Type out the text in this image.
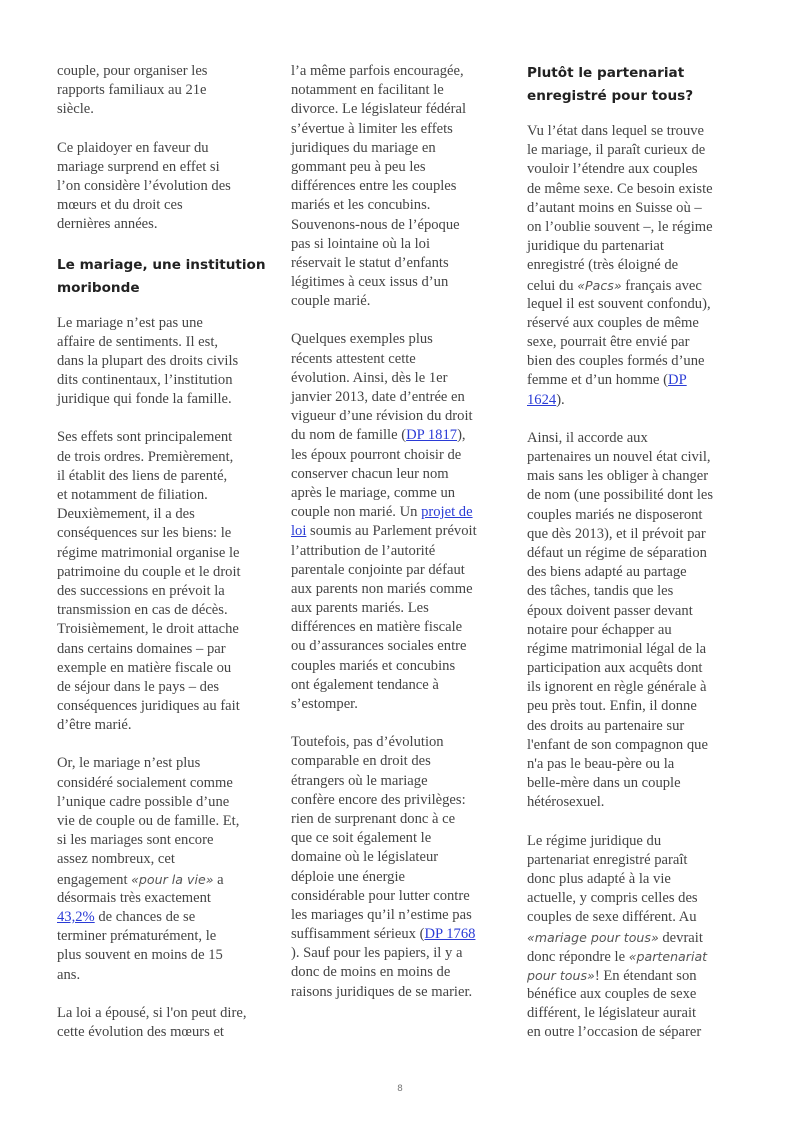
couple, pour organiser les
rapports familiaux au 21e
siècle.
Ce plaidoyer en faveur du
mariage surprend en effet si
l’on considère l’évolution des
mœurs et du droit ces
dernières années.
Le mariage, une institution
moribonde
Le mariage n’est pas une
affaire de sentiments. Il est,
dans la plupart des droits civils
dits continentaux, l’institution
juridique qui fonde la famille.
Ses effets sont principalement
de trois ordres. Premièrement,
il établit des liens de parenté,
et notamment de filiation.
Deuxièmement, il a des
conséquences sur les biens: le
régime matrimonial organise le
patrimoine du couple et le droit
des successions en prévoit la
transmission en cas de décès.
Troisièmement, le droit attache
dans certains domaines – par
exemple en matière fiscale ou
de séjour dans le pays – des
conséquences juridiques au fait
d’être marié.
Or, le mariage n’est plus
considéré socialement comme
l’unique cadre possible d’une
vie de couple ou de famille. Et,
si les mariages sont encore
assez nombreux, cet
engagement «pour la vie» a
désormais très exactement
43,2% de chances de se
terminer prématurément, le
plus souvent en moins de 15
ans.
La loi a épousé, si l'on peut dire,
cette évolution des mœurs et
l’a même parfois encouragée,
notamment en facilitant le
divorce. Le législateur fédéral
s’évertue à limiter les effets
juridiques du mariage en
gommant peu à peu les
différences entre les couples
mariés et les concubins.
Souvenons-nous de l’époque
pas si lointaine où la loi
réservait le statut d’enfants
légitimes à ceux issus d’un
couple marié.
Quelques exemples plus
récents attestent cette
évolution. Ainsi, dès le 1er
janvier 2013, date d’entrée en
vigueur d’une révision du droit
du nom de famille (DP 1817),
les époux pourront choisir de
conserver chacun leur nom
après le mariage, comme un
couple non marié. Un projet de
loi soumis au Parlement prévoit
l’attribution de l’autorité
parentale conjointe par défaut
aux parents non mariés comme
aux parents mariés. Les
différences en matière fiscale
ou d’assurances sociales entre
couples mariés et concubins
ont également tendance à
s’estomper.
Toutefois, pas d’évolution
comparable en droit des
étrangers où le mariage
confère encore des privilèges:
rien de surprenant donc à ce
que ce soit également le
domaine où le législateur
déploie une énergie
considérable pour lutter contre
les mariages qu’il n’estime pas
suffisamment sérieux (DP 1768
). Sauf pour les papiers, il y a
donc de moins en moins de
raisons juridiques de se marier.
Plutôt le partenariat
enregistré pour tous?
Vu l’état dans lequel se trouve
le mariage, il paraît curieux de
vouloir l’étendre aux couples
de même sexe. Ce besoin existe
d’autant moins en Suisse où –
on l’oublie souvent –, le régime
juridique du partenariat
enregistré (très éloigné de
celui du «Pacs» français avec
lequel il est souvent confondu),
réservé aux couples de même
sexe, pourrait être envié par
bien des couples formés d’une
femme et d’un homme (DP
1624).
Ainsi, il accorde aux
partenaires un nouvel état civil,
mais sans les obliger à changer
de nom (une possibilité dont les
couples mariés ne disposeront
que dès 2013), et il prévoit par
défaut un régime de séparation
des biens adapté au partage
des tâches, tandis que les
époux doivent passer devant
notaire pour échapper au
régime matrimonial légal de la
participation aux acquêts dont
ils ignorent en règle générale à
peu près tout. Enfin, il donne
des droits au partenaire sur
l'enfant de son compagnon que
n'a pas le beau-père ou la
belle-mère dans un couple
hétérosexuel.
Le régime juridique du
partenariat enregistré paraît
donc plus adapté à la vie
actuelle, y compris celles des
couples de sexe différent. Au
«mariage pour tous» devrait
donc répondre le «partenariat
pour tous»! En étendant son
bénéfice aux couples de sexe
différent, le législateur aurait
en outre l’occasion de séparer
8
